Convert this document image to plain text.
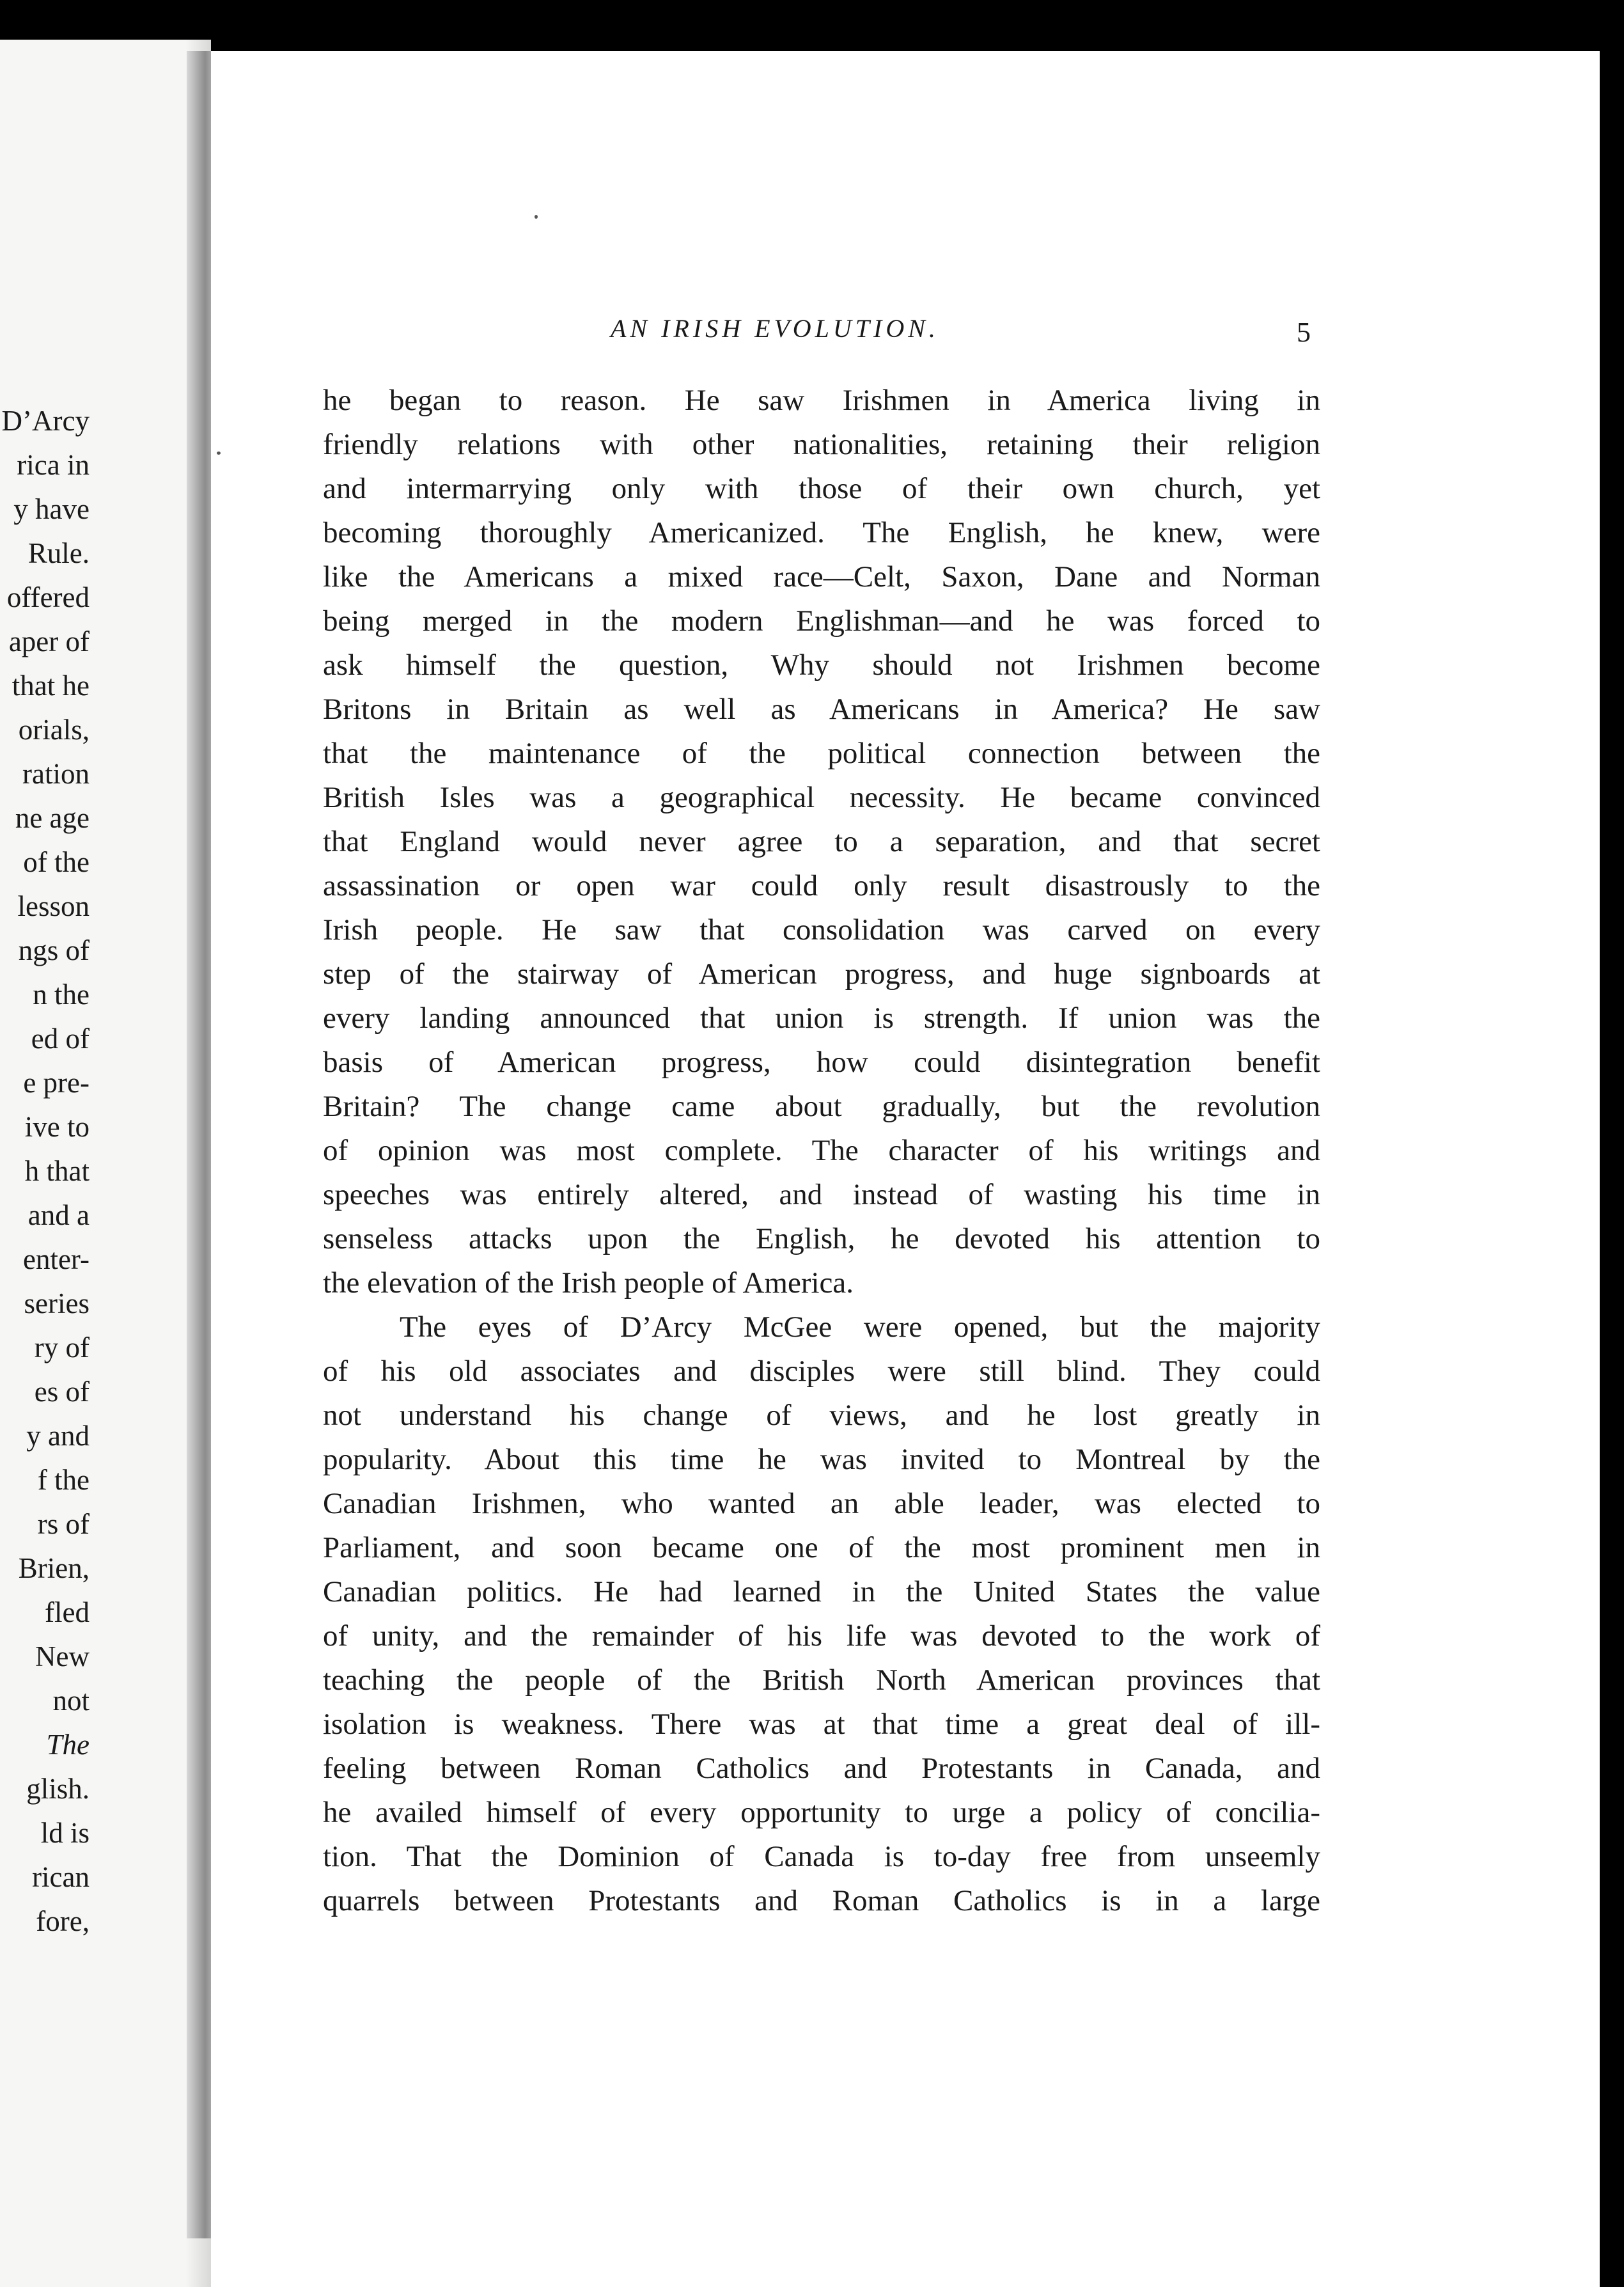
D’Arcy
rica in
y have
Rule.
offered
aper of
that he
orials,
ration
ne age
of the
lesson
ngs of
n the
ed of
e pre-
ive to
h that
and a
enter-
series
ry of
es of
y and
f the
rs of
Brien,
fled
New
not
The
glish.
ld is
rican
fore,
AN IRISH EVOLUTION.	5
he began to reason. He saw Irishmen in America living in
friendly relations with other nationalities, retaining their religion
and intermarrying only with those of their own church, yet
becoming thoroughly Americanized. The English, he knew, were
like the Americans a mixed race—Celt, Saxon, Dane and Norman
being merged in the modern Englishman—and he was forced to
ask himself the question, Why should not Irishmen become
Britons in Britain as well as Americans in America? He saw
that the maintenance of the political connection between the
British Isles was a geographical necessity. He became convinced
that England would never agree to a separation, and that secret
assassination or open war could only result disastrously to the
Irish people. He saw that consolidation was carved on every
step of the stairway of American progress, and huge signboards at
every landing announced that union is strength. If union was the
basis of American progress, how could disintegration benefit
Britain? The change came about gradually, but the revolution
of opinion was most complete. The character of his writings and
speeches was entirely altered, and instead of wasting his time in
senseless attacks upon the English, he devoted his attention to
the elevation of the Irish people of America.
The eyes of D’Arcy McGee were opened, but the majority
of his old associates and disciples were still blind. They could
not understand his change of views, and he lost greatly in
popularity. About this time he was invited to Montreal by the
Canadian Irishmen, who wanted an able leader, was elected to
Parliament, and soon became one of the most prominent men in
Canadian politics. He had learned in the United States the value
of unity, and the remainder of his life was devoted to the work of
teaching the people of the British North American provinces that
isolation is weakness. There was at that time a great deal of ill-
feeling between Roman Catholics and Protestants in Canada, and
he availed himself of every opportunity to urge a policy of concilia-
tion. That the Dominion of Canada is to-day free from unseemly
quarrels between Protestants and Roman Catholics is in a large
